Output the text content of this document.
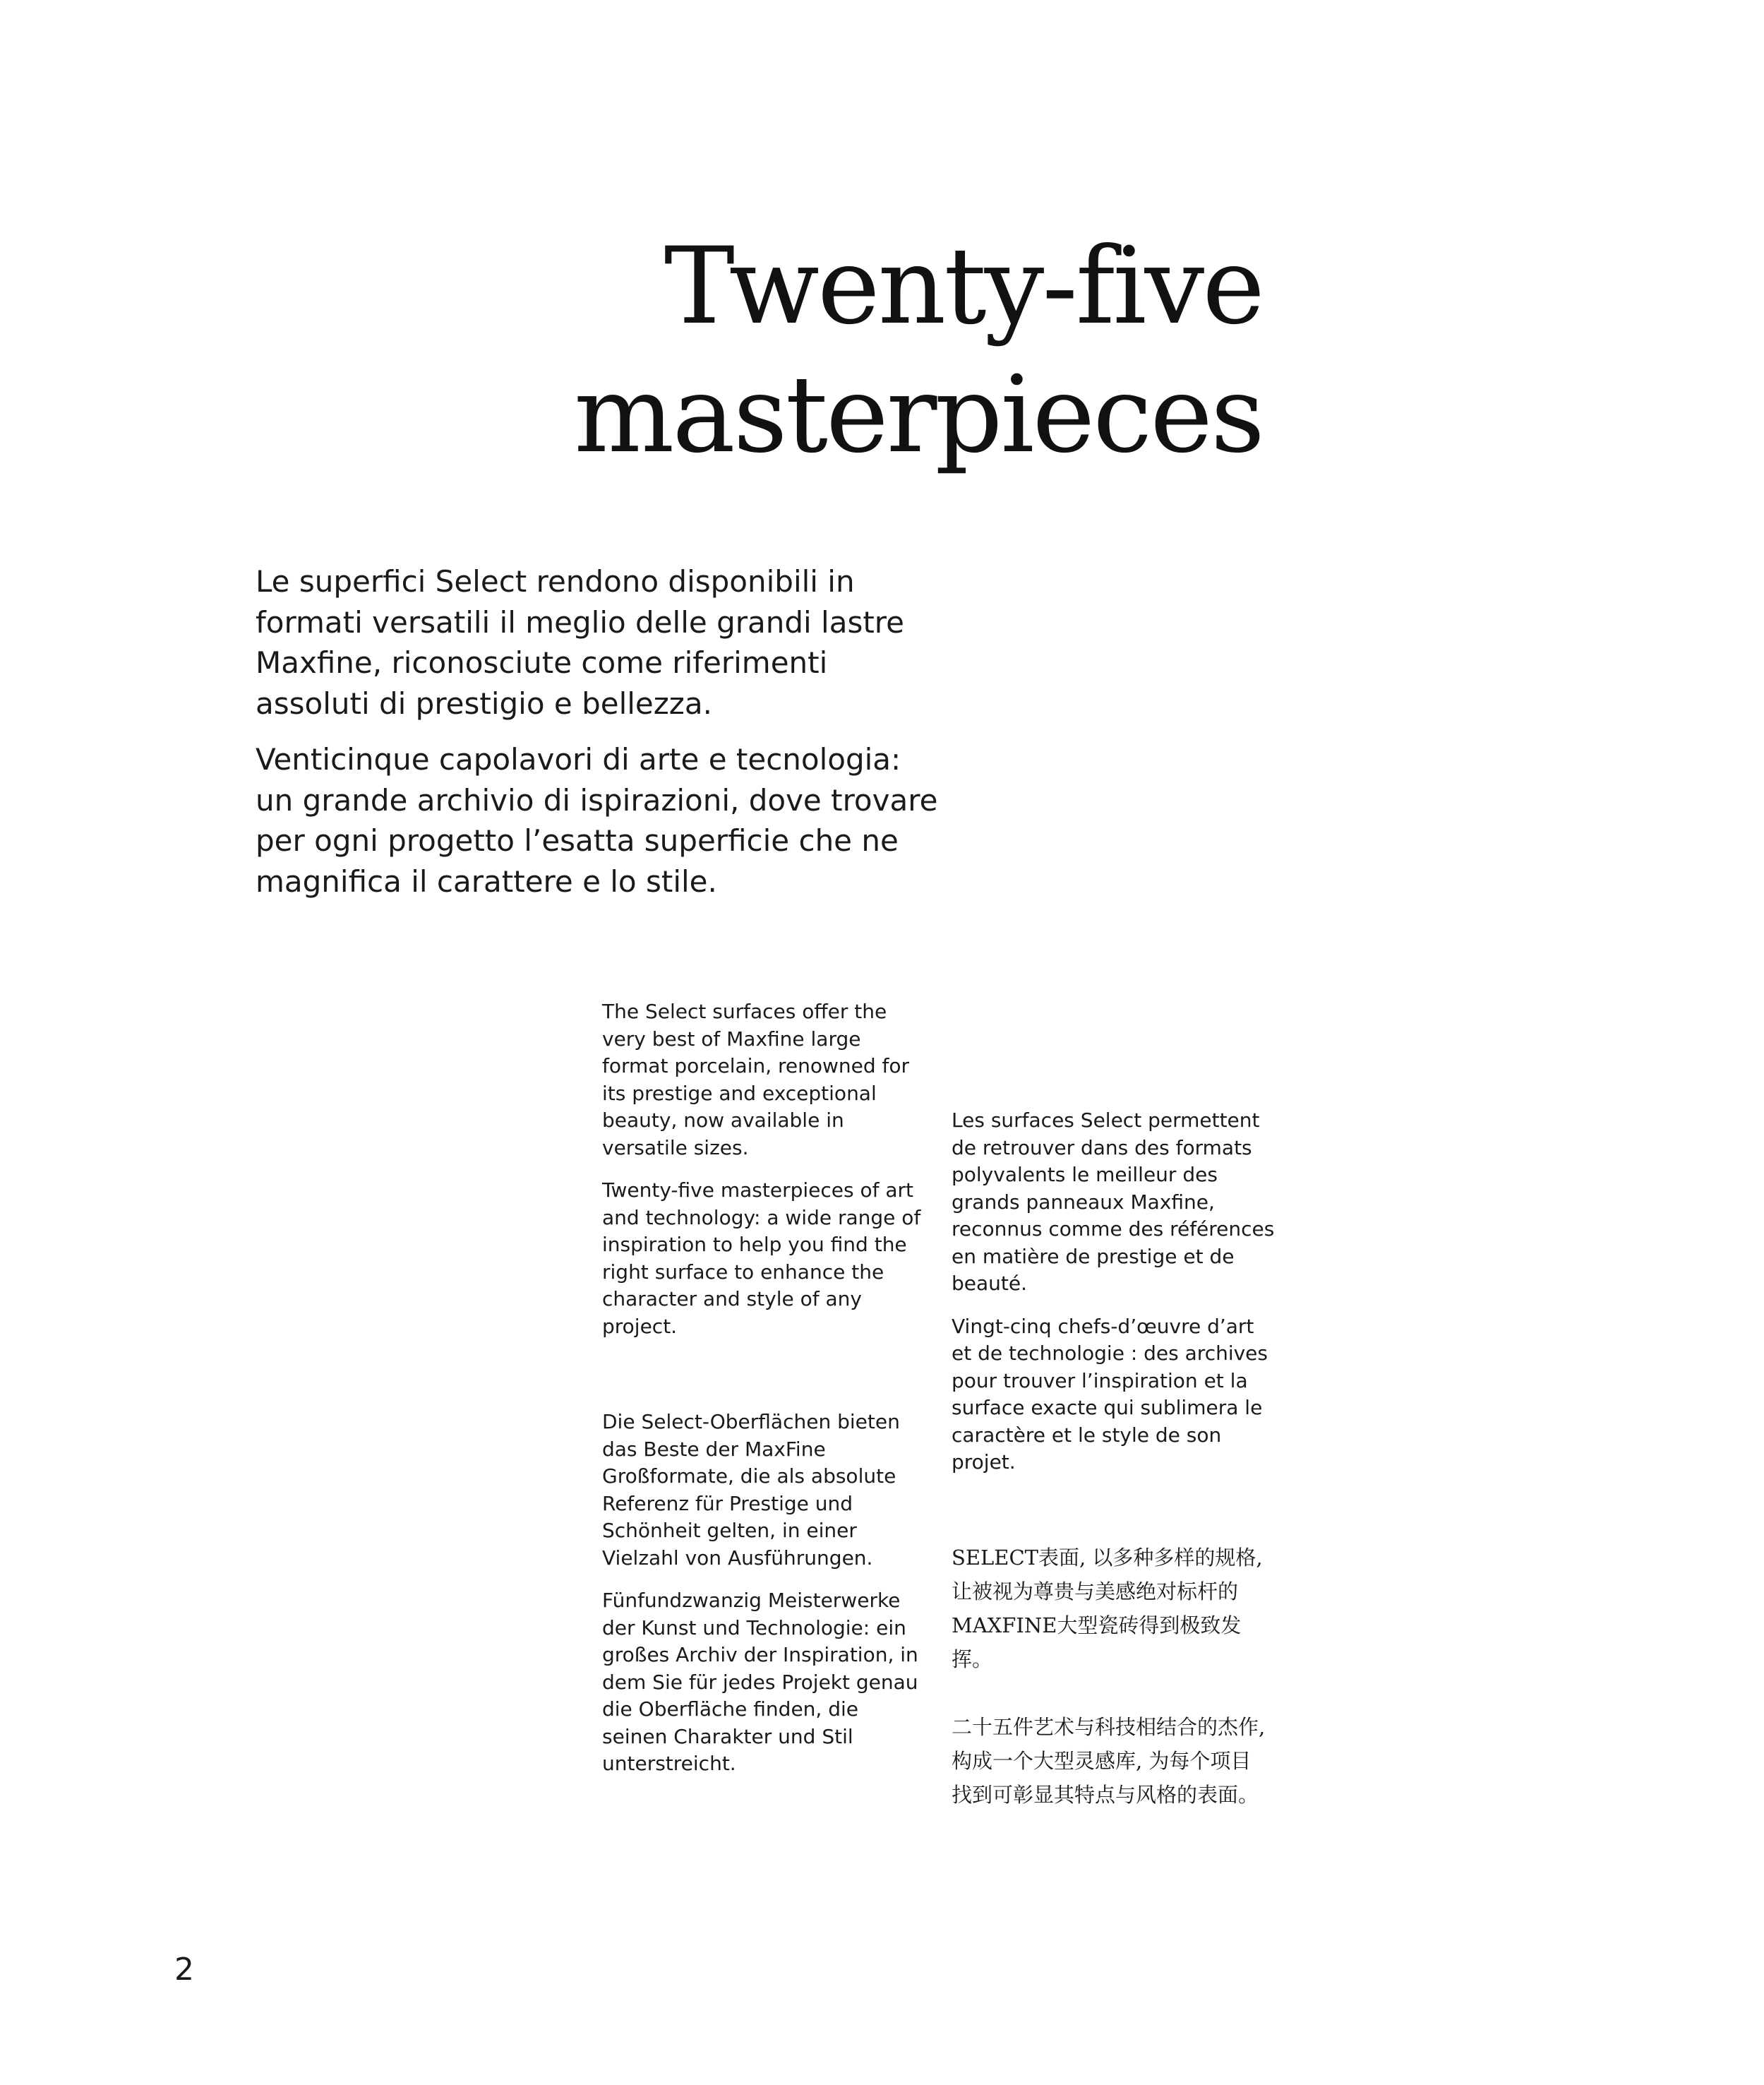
Twenty-five
masterpieces

Le superfici Select rendono disponibili in formati versatili il meglio delle grandi lastre Maxfine, riconosciute come riferimenti assoluti di prestigio e bellezza.

Venticinque capolavori di arte e tecnologia: un grande archivio di ispirazioni, dove trovare per ogni progetto l’esatta superficie che ne magnifica il carattere e lo stile.

The Select surfaces offer the very best of Maxfine large format porcelain, renowned for its prestige and exceptional beauty, now available in versatile sizes.

Twenty-five masterpieces of art and technology: a wide range of inspiration to help you find the right surface to enhance the character and style of any project.

Die Select-Oberflächen bieten das Beste der MaxFine Großformate, die als absolute Referenz für Prestige und Schönheit gelten, in einer Vielzahl von Ausführungen.

Fünfundzwanzig Meisterwerke der Kunst und Technologie: ein großes Archiv der Inspiration, in dem Sie für jedes Projekt genau die Oberfläche finden, die seinen Charakter und Stil unterstreicht.

Les surfaces Select permettent de retrouver dans des formats polyvalents le meilleur des grands panneaux Maxfine, reconnus comme des références en matière de prestige et de beauté.

Vingt-cinq chefs-d’œuvre d’art et de technologie : des archives pour trouver l’inspiration et la surface exacte qui sublimera le caractère et le style de son projet.

SELECT表面, 以多种多样的规格, 让被视为尊贵与美感绝对标杆的MAXFINE大型瓷砖得到极致发挥。

二十五件艺术与科技相结合的杰作, 构成一个大型灵感库, 为每个项目找到可彰显其特点与风格的表面。

2
